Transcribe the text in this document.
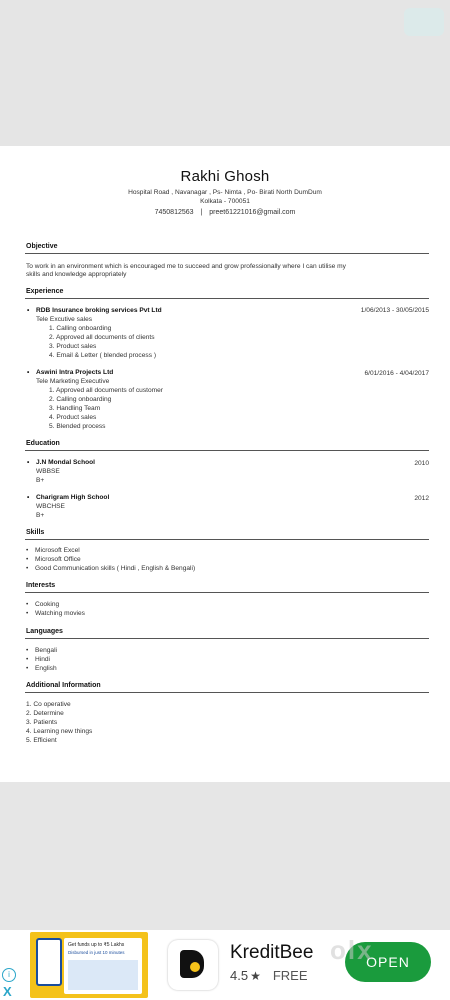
Rakhi Ghosh
Hospital Road , Navanagar , Ps- Nimta , Po- Birati North DumDum
Kolkata - 700051
7450812563 | preet61221016@gmail.com
Objective
To work in an environment which is encouraged me to succeed and grow professionally where I can utilise my
skills and knowledge appropriately
Experience
• RDB Insurance broking services Pvt Ltd	1/06/2013 - 30/05/2015
Tele Excutive sales
1. Calling onboarding
2. Approved all documents of clients
3. Product sales
4. Email & Letter ( blended process )
• Aswini Intra Projects Ltd	6/01/2016 - 4/04/2017
Tele Marketing Executive
1. Approved all documents of customer
2. Calling onboarding
3. Handling Team
4. Product sales
5. Blended process
Education
• J.N Mondal School	2010
WBBSE
B+
• Charigram High School	2012
WBCHSE
B+
Skills
• Microsoft Excel
• Microsoft Office
• Good Communication skills ( Hindi , English & Bengali)
Interests
• Cooking
• Watching movies
Languages
• Bengali
• Hindi
• English
Additional Information
1. Co operative
2. Determine
3. Patients
4. Learning new things
5. Efficient
i
X
Get funds up to ₹5 Lakhs
Disbursed in just 10 minutes	KreditBee
4.5 ★ FREE
OPEN
olx
